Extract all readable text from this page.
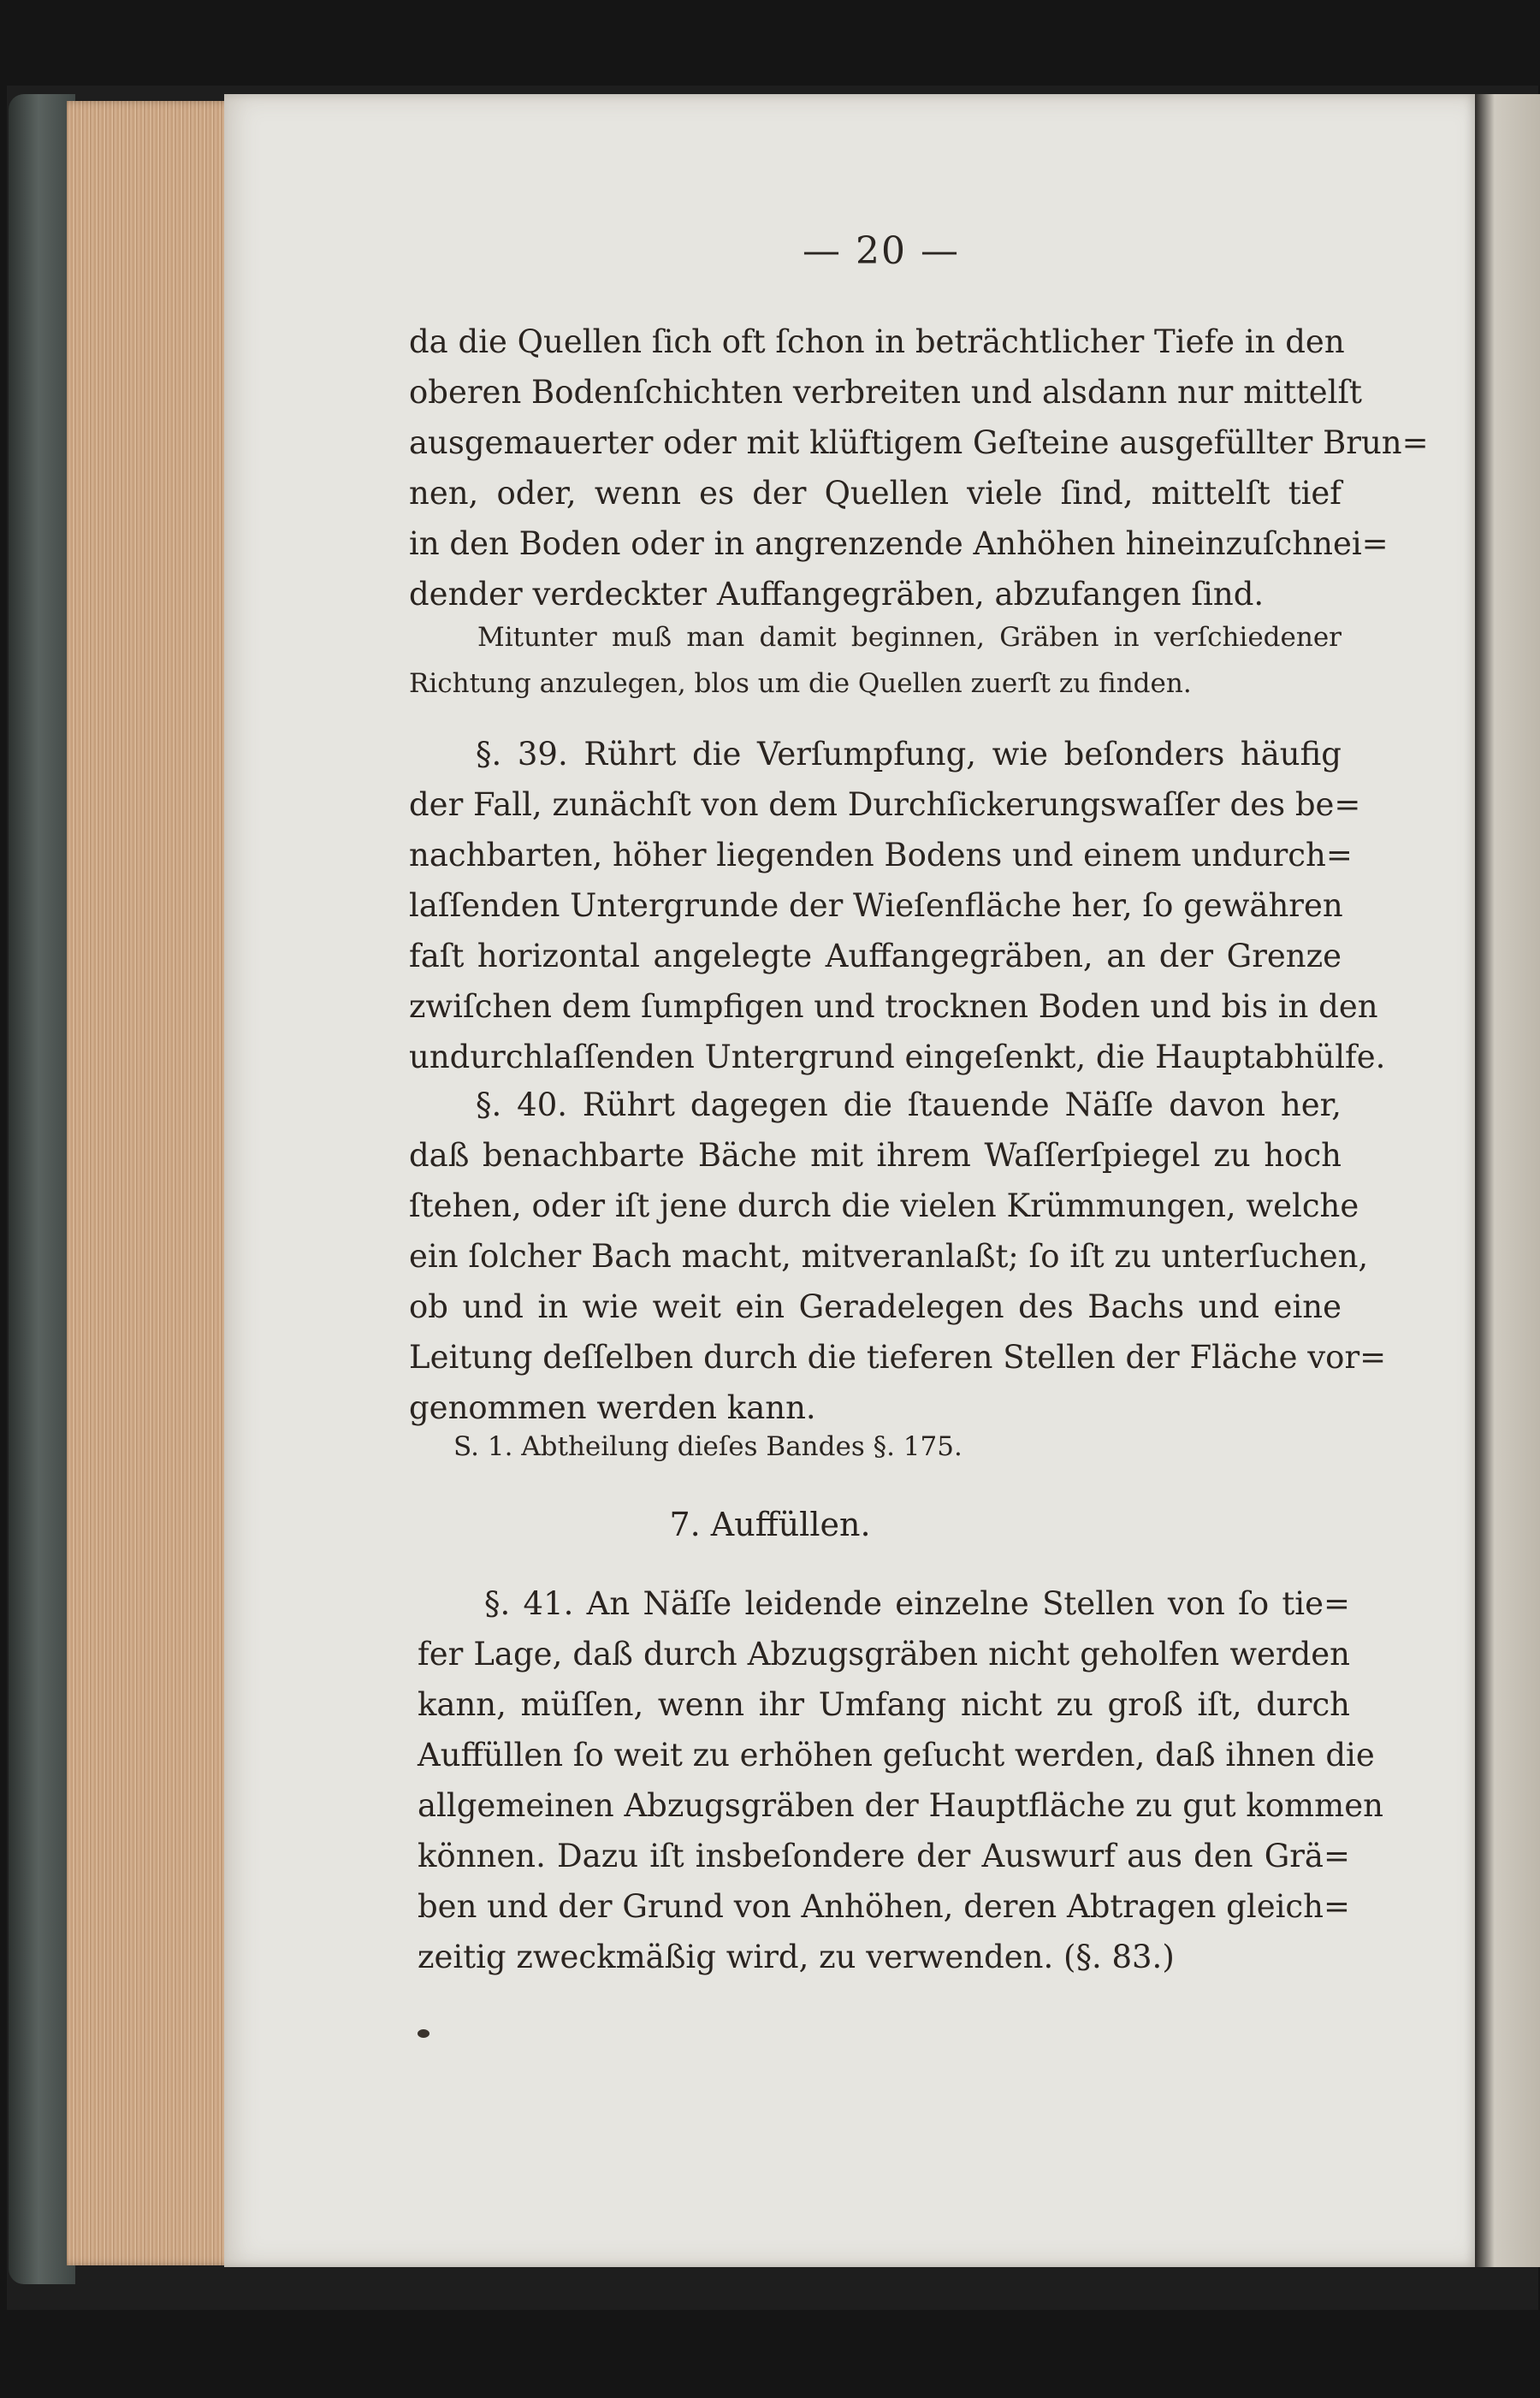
— 20 —
da die Quellen ſich oft ſchon in beträchtlicher Tiefe in den
oberen Bodenſchichten verbreiten und alsdann nur mittelſt
ausgemauerter oder mit klüftigem Geſteine ausgefüllter Brun=
nen, oder, wenn es der Quellen viele ſind, mittelſt tief
in den Boden oder in angrenzende Anhöhen hineinzuſchnei=
dender verdeckter Auffangegräben, abzufangen ſind.
Mitunter muß man damit beginnen, Gräben in verſchiedener
Richtung anzulegen, blos um die Quellen zuerſt zu finden.
§. 39. Rührt die Verſumpfung, wie beſonders häufig
der Fall, zunächſt von dem Durchſickerungswaſſer des be=
nachbarten, höher liegenden Bodens und einem undurch=
laſſenden Untergrunde der Wieſenfläche her, ſo gewähren
faſt horizontal angelegte Auffangegräben, an der Grenze
zwiſchen dem ſumpfigen und trocknen Boden und bis in den
undurchlaſſenden Untergrund eingeſenkt, die Hauptabhülfe.
§. 40. Rührt dagegen die ſtauende Näſſe davon her,
daß benachbarte Bäche mit ihrem Waſſerſpiegel zu hoch
ſtehen, oder iſt jene durch die vielen Krümmungen, welche
ein ſolcher Bach macht, mitveranlaßt; ſo iſt zu unterſuchen,
ob und in wie weit ein Geradelegen des Bachs und eine
Leitung deſſelben durch die tieferen Stellen der Fläche vor=
genommen werden kann.
S. 1. Abtheilung dieſes Bandes §. 175.
7. Auffüllen.
§. 41. An Näſſe leidende einzelne Stellen von ſo tie=
fer Lage, daß durch Abzugsgräben nicht geholfen werden
kann, müſſen, wenn ihr Umfang nicht zu groß iſt, durch
Auffüllen ſo weit zu erhöhen geſucht werden, daß ihnen die
allgemeinen Abzugsgräben der Hauptfläche zu gut kommen
können. Dazu iſt insbeſondere der Auswurf aus den Grä=
ben und der Grund von Anhöhen, deren Abtragen gleich=
zeitig zweckmäßig wird, zu verwenden. (§. 83.)
